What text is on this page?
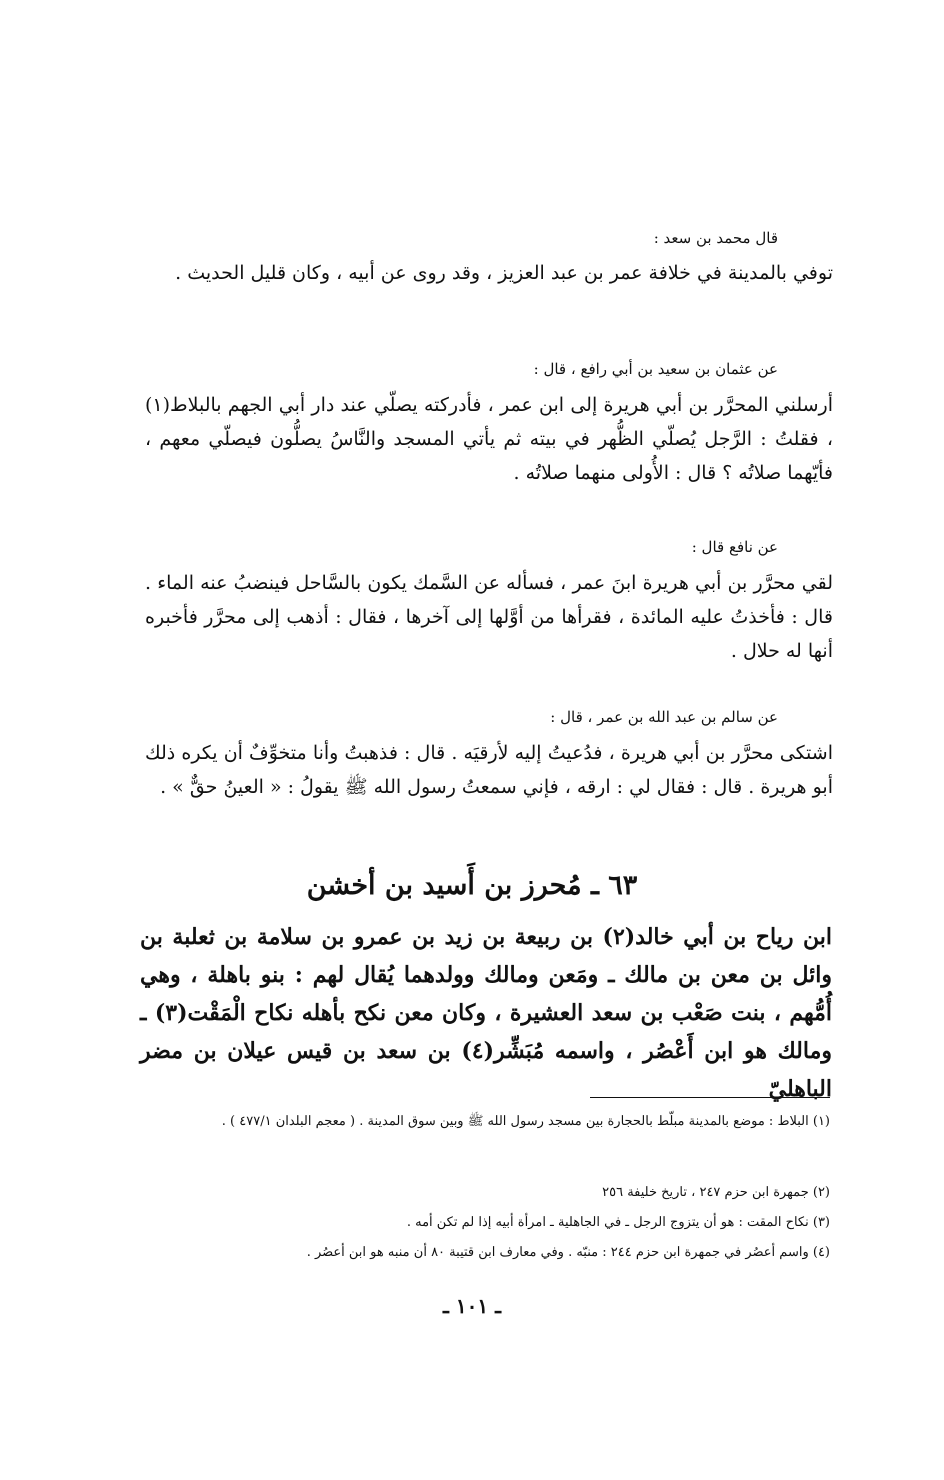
قال محمد بن سعد :
توفي بالمدينة في خلافة عمر بن عبد العزيز ، وقد روى عن أبيه ، وكان قليل الحديث .
عن عثمان بن سعيد بن أبي رافع ، قال :
أرسلني المحرَّر بن أبي هريرة إلى ابن عمر ، فأدركته يصلّي عند دار أبي الجهم بالبلاط(١) ، فقلتُ : الرَّجل يُصلّي الظُّهر في بيته ثم يأتي المسجد والنَّاسُ يصلُّون فيصلّي معهم ، فأيّهما صلاتُه ؟ قال : الأُولى منهما صلاتُه .
عن نافع قال :
لقي محرَّر بن أبي هريرة ابنَ عمر ، فسأله عن السَّمك يكون بالسَّاحل فينضبُ عنه الماء . قال : فأخذتُ عليه المائدة ، فقرأها من أوَّلها إلى آخرها ، فقال : أذهب إلى محرَّر فأخبره أنها له حلال .
عن سالم بن عبد الله بن عمر ، قال :
اشتكى محرَّر بن أبي هريرة ، فدُعيتُ إليه لأرقيَه . قال : فذهبتُ وأنا متخوِّفٌ أن يكره ذلك أبو هريرة . قال : فقال لي : ارقه ، فإني سمعتُ رسول الله ﷺ يقولُ : « العينُ حقٌّ » .
٦٣ ـ مُحرز بن أَسيد بن أخشن
ابن رياح بن أبي خالد(٢) بن ربيعة بن زيد بن عمرو بن سلامة بن ثعلبة بن وائل بن معن بن مالك ـ ومَعن ومالك وولدهما يُقال لهم : بنو باهلة ، وهي أُمُّهم ، بنت صَعْب بن سعد العشيرة ، وكان معن نكح بأهله نكاح الْمَقْت(٣) ـ ومالك هو ابن أَعْصُر ، واسمه مُبَشِّر(٤) بن سعد بن قيس عيلان بن مضر الباهليّ
(١) البلاط : موضع بالمدينة مبلّط بالحجارة بين مسجد رسول الله ﷺ وبين سوق المدينة . ( معجم البلدان ٤٧٧/١ ) .
(٢) جمهرة ابن حزم ٢٤٧ ، تاريخ خليفة ٢٥٦
(٣) نكاح المقت : هو أن يتزوج الرجل ـ في الجاهلية ـ امرأة أبيه إذا لم تكن أمه .
(٤) واسم أعصُر في جمهرة ابن حزم ٢٤٤ : منبّه . وفي معارف ابن قتيبة ٨٠ أن منبه هو ابن أعصُر .
ـ ١٠١ ـ
